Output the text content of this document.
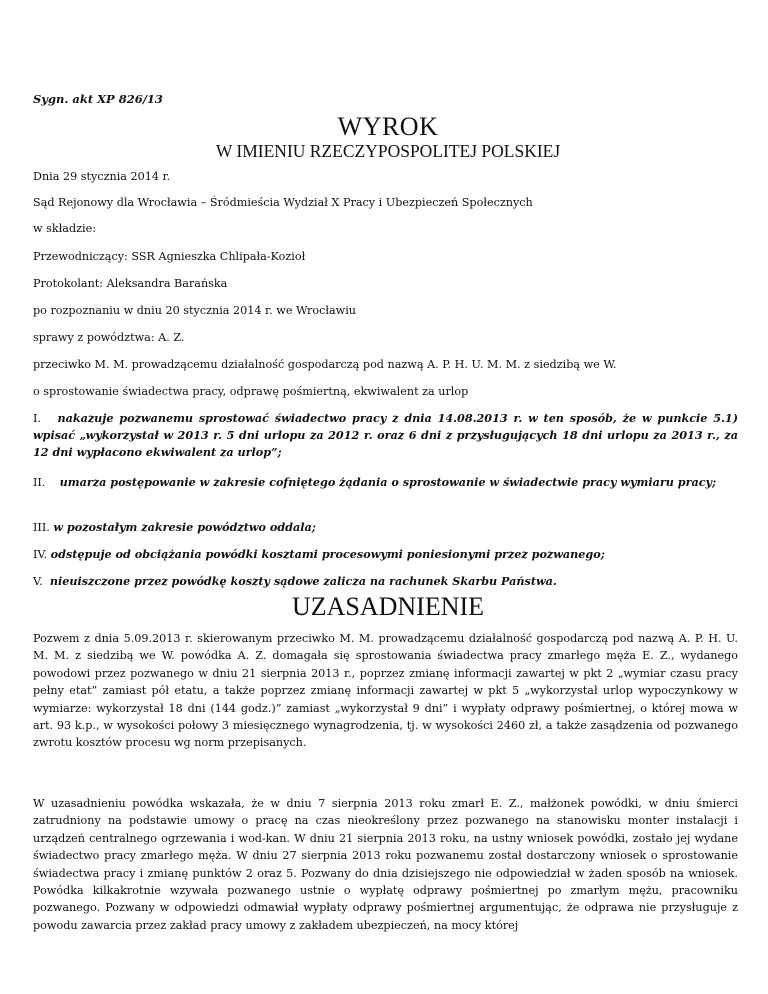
Sygn. akt XP 826/13
WYROK
W IMIENIU RZECZYPOSPOLITEJ POLSKIEJ
Dnia 29 stycznia 2014 r.
Sąd Rejonowy dla Wrocławia – Śródmieścia Wydział X Pracy i Ubezpieczeń Społecznych
w składzie:
Przewodniczący: SSR Agnieszka Chlipała-Kozioł
Protokolant: Aleksandra Barańska
po rozpoznaniu w dniu 20 stycznia 2014 r. we Wrocławiu
sprawy z powództwa: A. Z.
przeciwko M. M. prowadzącemu działalność gospodarczą pod nazwą A. P. H. U. M. M. z siedzibą we W.
o sprostowanie świadectwa pracy, odprawę pośmiertną, ekwiwalent za urlop
I. nakazuje pozwanemu sprostować świadectwo pracy z dnia 14.08.2013 r. w ten sposób, że w punkcie 5.1) wpisać „wykorzystał w 2013 r. 5 dni urlopu za 2012 r. oraz 6 dni z przysługujących 18 dni urlopu za 2013 r., za 12 dni wypłacono ekwiwalent za urlop”;
II. umarza postępowanie w zakresie cofniętego żądania o sprostowanie w świadectwie pracy wymiaru pracy;
III. w pozostałym zakresie powództwo oddala;
IV. odstępuje od obciążania powódki kosztami procesowymi poniesionymi przez pozwanego;
V. nieuiszczone przez powódkę koszty sądowe zalicza na rachunek Skarbu Państwa.
UZASADNIENIE
Pozwem z dnia 5.09.2013 r. skierowanym przeciwko M. M. prowadzącemu działalność gospodarczą pod nazwą A. P. H. U. M. M. z siedzibą we W. powódka A. Z. domagała się sprostowania świadectwa pracy zmarłego męża E. Z., wydanego powodowi przez pozwanego w dniu 21 sierpnia 2013 r., poprzez zmianę informacji zawartej w pkt 2 „wymiar czasu pracy pełny etat” zamiast pół etatu, a także poprzez zmianę informacji zawartej w pkt 5 „wykorzystał urlop wypoczynkowy w wymiarze: wykorzystał 18 dni (144 godz.)” zamiast „wykorzystał 9 dni” i wypłaty odprawy pośmiertnej, o której mowa w art. 93 k.p., w wysokości połowy 3 miesięcznego wynagrodzenia, tj. w wysokości 2460 zł, a także zasądzenia od pozwanego zwrotu kosztów procesu wg norm przepisanych.
W uzasadnieniu powódka wskazała, że w dniu 7 sierpnia 2013 roku zmarł E. Z., małżonek powódki, w dniu śmierci zatrudniony na podstawie umowy o pracę na czas nieokreślony przez pozwanego na stanowisku monter instalacji i urządzeń centralnego ogrzewania i wod-kan. W dniu 21 sierpnia 2013 roku, na ustny wniosek powódki, zostało jej wydane świadectwo pracy zmarłego męża. W dniu 27 sierpnia 2013 roku pozwanemu został dostarczony wniosek o sprostowanie świadectwa pracy i zmianę punktów 2 oraz 5. Pozwany do dnia dzisiejszego nie odpowiedział w żaden sposób na wniosek. Powódka kilkakrotnie wzywała pozwanego ustnie o wypłatę odprawy pośmiertnej po zmarłym mężu, pracowniku pozwanego. Pozwany w odpowiedzi odmawiał wypłaty odprawy pośmiertnej argumentując, że odprawa nie przysługuje z powodu zawarcia przez zakład pracy umowy z zakładem ubezpieczeń, na mocy której
